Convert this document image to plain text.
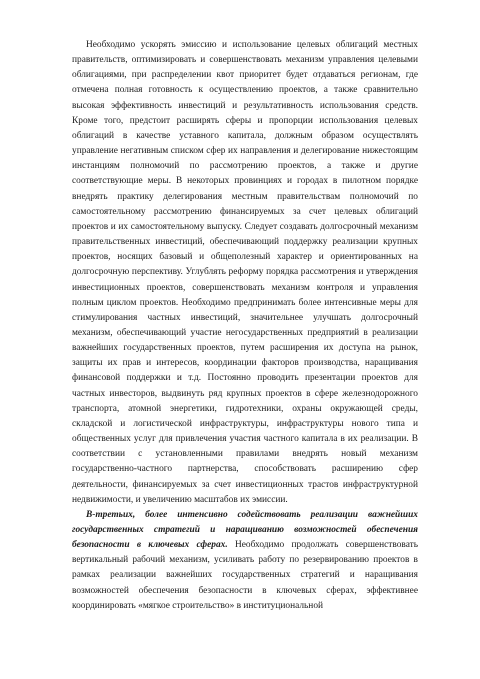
Необходимо ускорять эмиссию и использование целевых облигаций местных правительств, оптимизировать и совершенствовать механизм управления целевыми облигациями, при распределении квот приоритет будет отдаваться регионам, где отмечена полная готовность к осуществлению проектов, а также сравнительно высокая эффективность инвестиций и результативность использования средств. Кроме того, предстоит расширять сферы и пропорции использования целевых облигаций в качестве уставного капитала, должным образом осуществлять управление негативным списком сфер их направления и делегирование нижестоящим инстанциям полномочий по рассмотрению проектов, а также и другие соответствующие меры. В некоторых провинциях и городах в пилотном порядке внедрять практику делегирования местным правительствам полномочий по самостоятельному рассмотрению финансируемых за счет целевых облигаций проектов и их самостоятельному выпуску. Следует создавать долгосрочный механизм правительственных инвестиций, обеспечивающий поддержку реализации крупных проектов, носящих базовый и общеполезный характер и ориентированных на долгосрочную перспективу. Углублять реформу порядка рассмотрения и утверждения инвестиционных проектов, совершенствовать механизм контроля и управления полным циклом проектов. Необходимо предпринимать более интенсивные меры для стимулирования частных инвестиций, значительнее улучшать долгосрочный механизм, обеспечивающий участие негосударственных предприятий в реализации важнейших государственных проектов, путем расширения их доступа на рынок, защиты их прав и интересов, координации факторов производства, наращивания финансовой поддержки и т.д. Постоянно проводить презентации проектов для частных инвесторов, выдвинуть ряд крупных проектов в сфере железнодорожного транспорта, атомной энергетики, гидротехники, охраны окружающей среды, складской и логистической инфраструктуры, инфраструктуры нового типа и общественных услуг для привлечения участия частного капитала в их реализации. В соответствии с установленными правилами внедрять новый механизм государственно-частного партнерства, способствовать расширению сфер деятельности, финансируемых за счет инвестиционных трастов инфраструктурной недвижимости, и увеличению масштабов их эмиссии.

В-третьих, более интенсивно содействовать реализации важнейших государственных стратегий и наращиванию возможностей обеспечения безопасности в ключевых сферах. Необходимо продолжать совершенствовать вертикальный рабочий механизм, усиливать работу по резервированию проектов в рамках реализации важнейших государственных стратегий и наращивания возможностей обеспечения безопасности в ключевых сферах, эффективнее координировать «мягкое строительство» в институциональной
